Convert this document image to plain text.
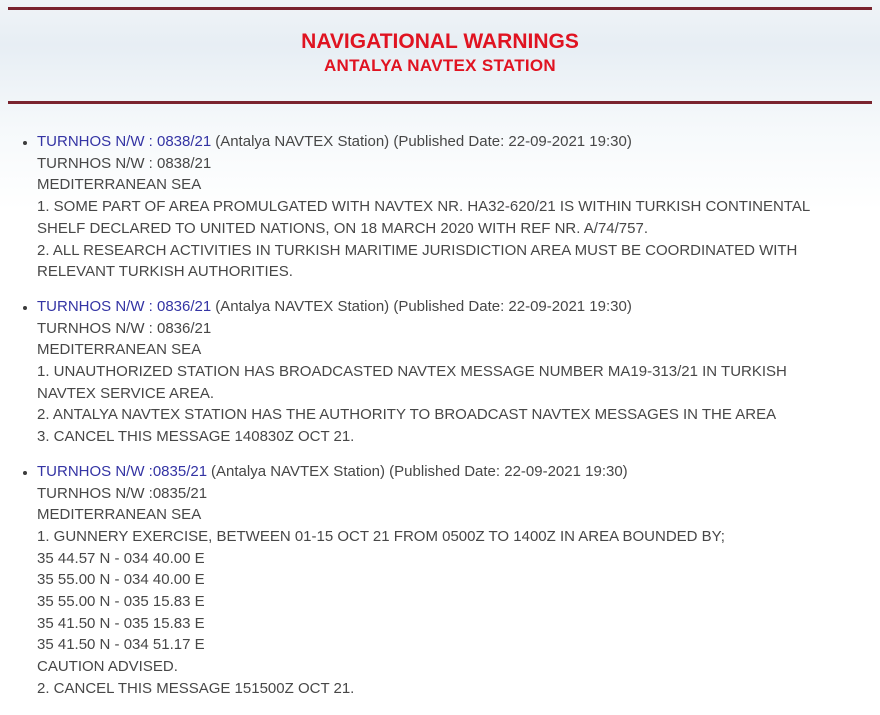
NAVIGATIONAL WARNINGS
ANTALYA NAVTEX STATION
• TURNHOS N/W : 0838/21 (Antalya NAVTEX Station) (Published Date: 22-09-2021 19:30)
TURNHOS N/W : 0838/21
MEDITERRANEAN SEA
1. SOME PART OF AREA PROMULGATED WITH NAVTEX NR. HA32-620/21 IS WITHIN TURKISH CONTINENTAL
SHELF DECLARED TO UNITED NATIONS, ON 18 MARCH 2020 WITH REF NR. A/74/757.
2. ALL RESEARCH ACTIVITIES IN TURKISH MARITIME JURISDICTION AREA MUST BE COORDINATED WITH
RELEVANT TURKISH AUTHORITIES.
• TURNHOS N/W : 0836/21 (Antalya NAVTEX Station) (Published Date: 22-09-2021 19:30)
TURNHOS N/W : 0836/21
MEDITERRANEAN SEA
1. UNAUTHORIZED STATION HAS BROADCASTED NAVTEX MESSAGE NUMBER MA19-313/21 IN TURKISH
NAVTEX SERVICE AREA.
2. ANTALYA NAVTEX STATION HAS THE AUTHORITY TO BROADCAST NAVTEX MESSAGES IN THE AREA
3. CANCEL THIS MESSAGE 140830Z OCT 21.
• TURNHOS N/W :0835/21 (Antalya NAVTEX Station) (Published Date: 22-09-2021 19:30)
TURNHOS N/W :0835/21
MEDITERRANEAN SEA
1. GUNNERY EXERCISE, BETWEEN 01-15 OCT 21 FROM 0500Z TO 1400Z IN AREA BOUNDED BY;
35 44.57 N - 034 40.00 E
35 55.00 N - 034 40.00 E
35 55.00 N - 035 15.83 E
35 41.50 N - 035 15.83 E
35 41.50 N - 034 51.17 E
CAUTION ADVISED.
2. CANCEL THIS MESSAGE 151500Z OCT 21.
